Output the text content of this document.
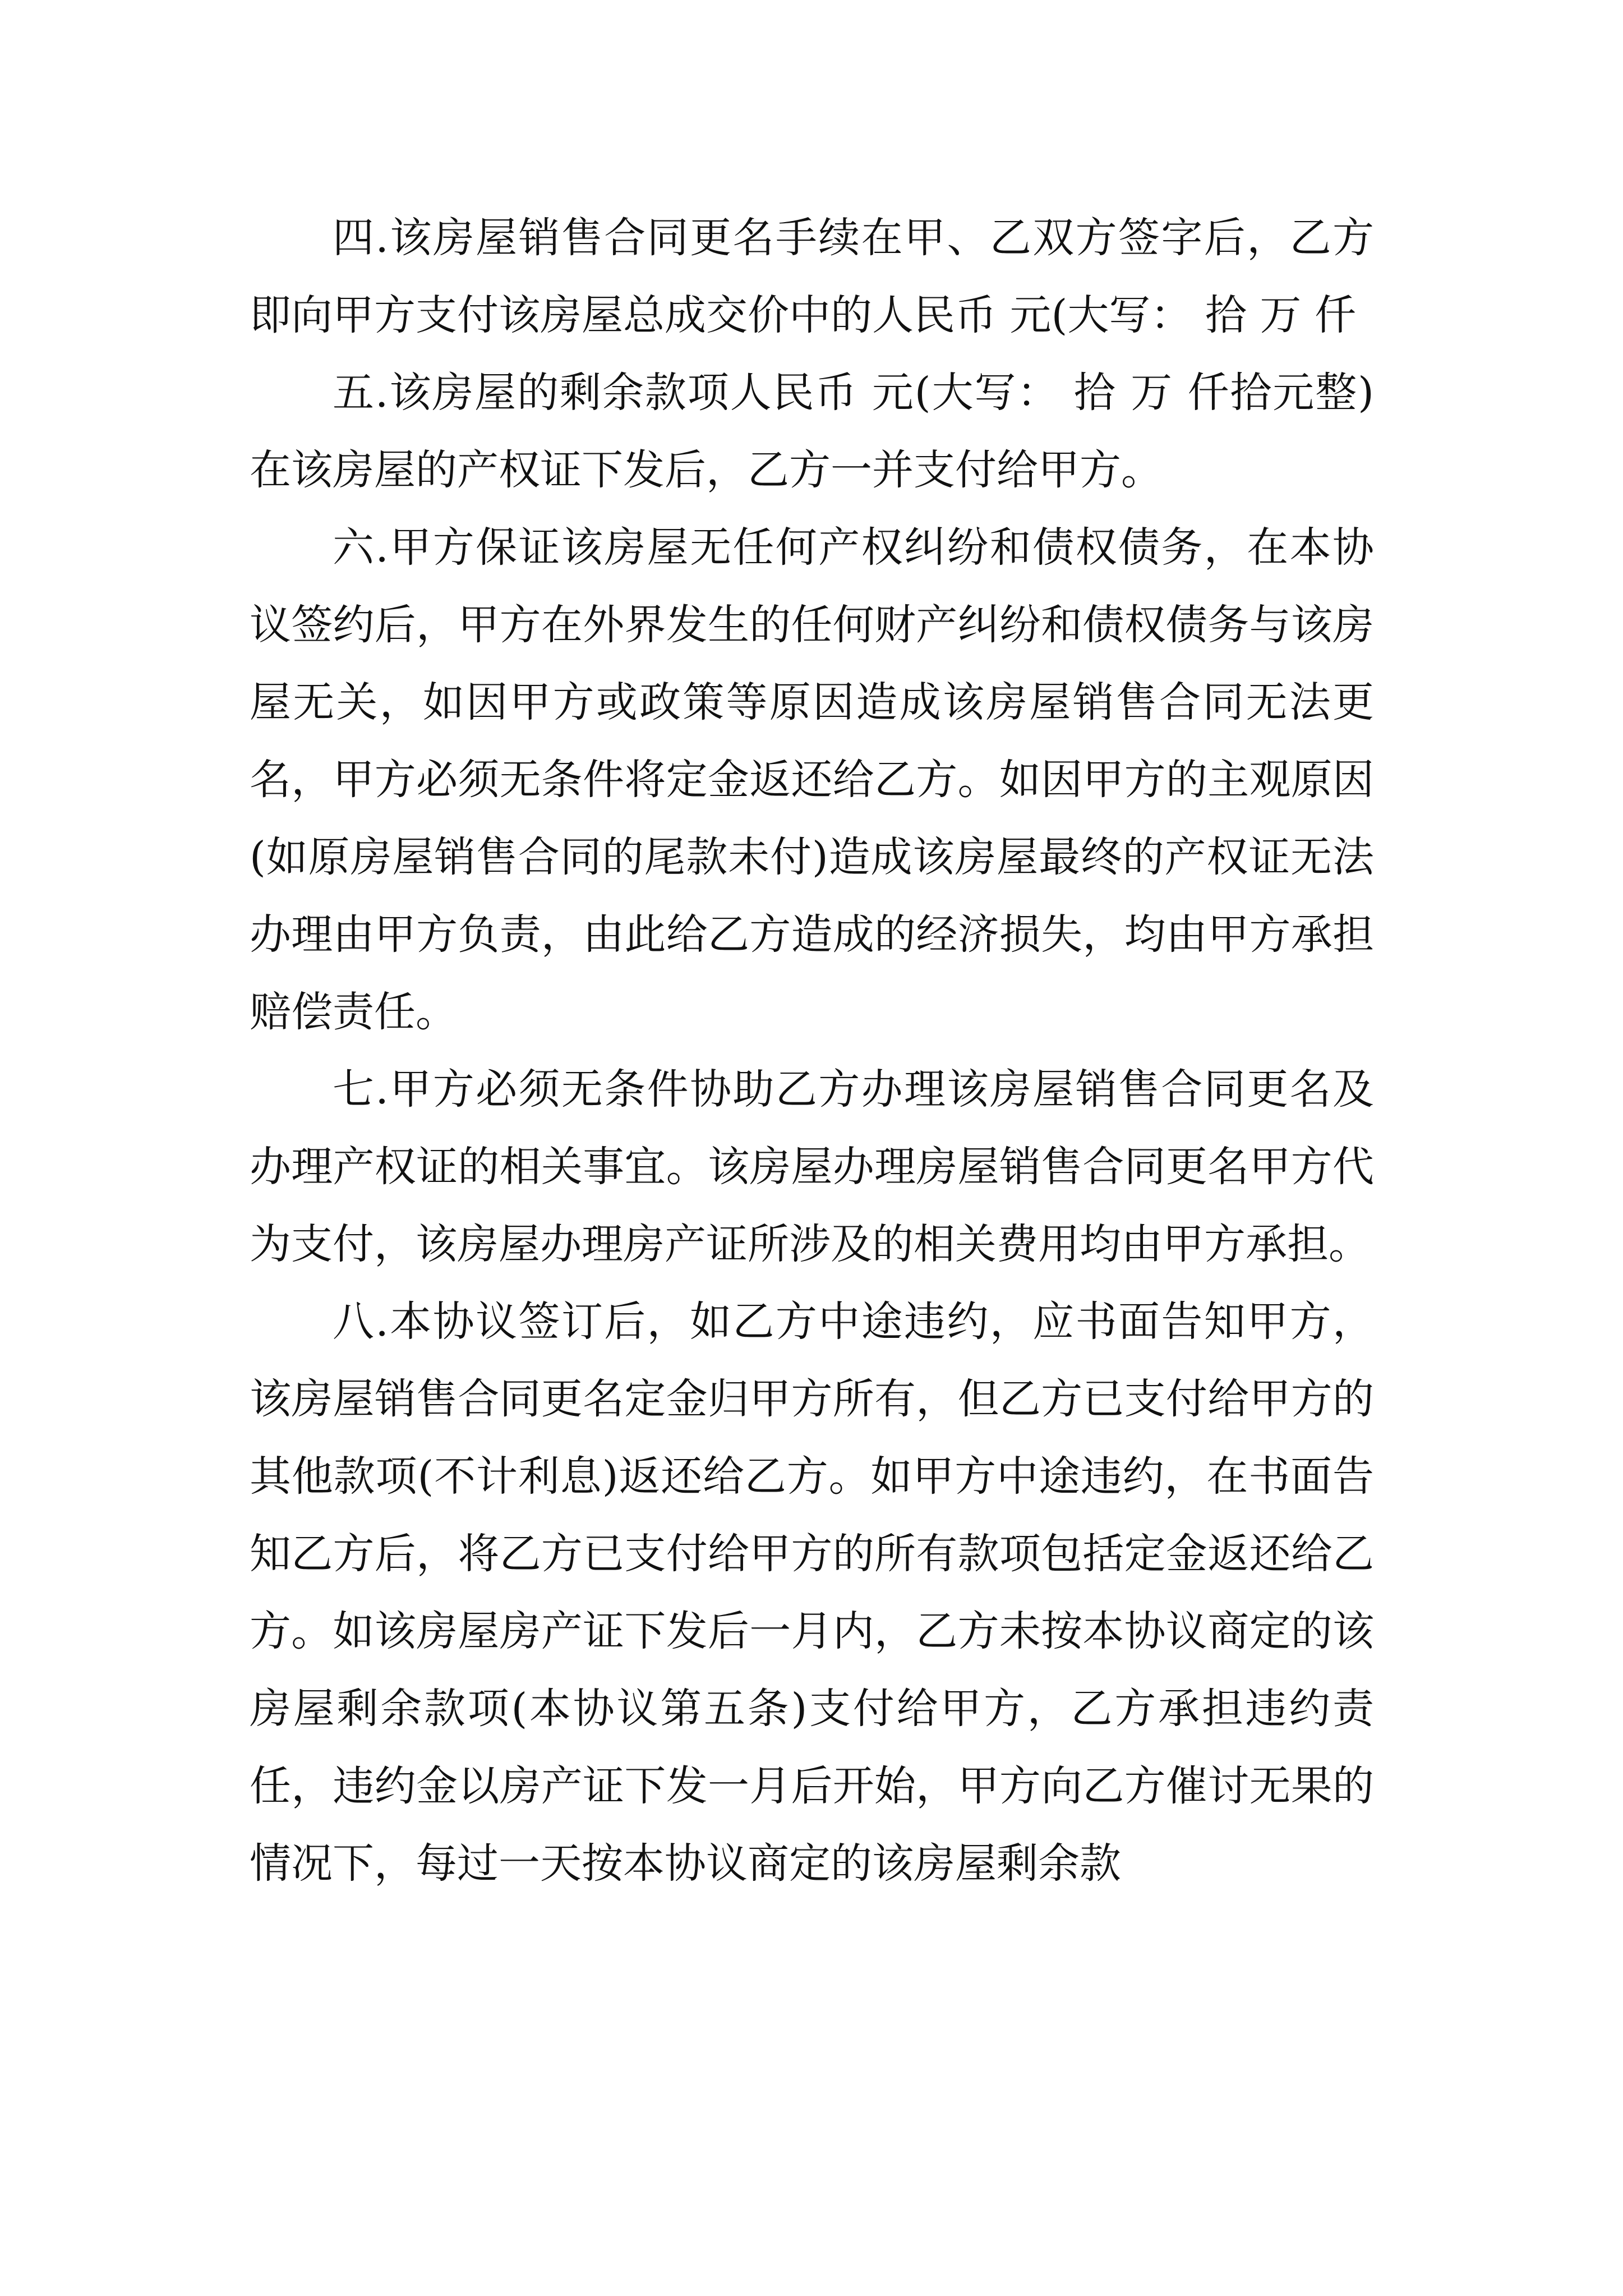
四.该房屋销售合同更名手续在甲、乙双方签字后，乙方即向甲方支付该房屋总成交价中的人民币 元(大写： 拾 万 仟

五.该房屋的剩余款项人民币 元(大写： 拾 万 仟拾元整)在该房屋的产权证下发后，乙方一并支付给甲方。

六.甲方保证该房屋无任何产权纠纷和债权债务，在本协议签约后，甲方在外界发生的任何财产纠纷和债权债务与该房屋无关，如因甲方或政策等原因造成该房屋销售合同无法更名，甲方必须无条件将定金返还给乙方。如因甲方的主观原因(如原房屋销售合同的尾款未付)造成该房屋最终的产权证无法办理由甲方负责，由此给乙方造成的经济损失，均由甲方承担赔偿责任。

七.甲方必须无条件协助乙方办理该房屋销售合同更名及办理产权证的相关事宜。该房屋办理房屋销售合同更名甲方代为支付，该房屋办理房产证所涉及的相关费用均由甲方承担。

八.本协议签订后，如乙方中途违约，应书面告知甲方，该房屋销售合同更名定金归甲方所有，但乙方已支付给甲方的其他款项(不计利息)返还给乙方。如甲方中途违约，在书面告知乙方后，将乙方已支付给甲方的所有款项包括定金返还给乙方。如该房屋房产证下发后一月内，乙方未按本协议商定的该房屋剩余款项(本协议第五条)支付给甲方，乙方承担违约责任，违约金以房产证下发一月后开始，甲方向乙方催讨无果的情况下，每过一天按本协议商定的该房屋剩余款
